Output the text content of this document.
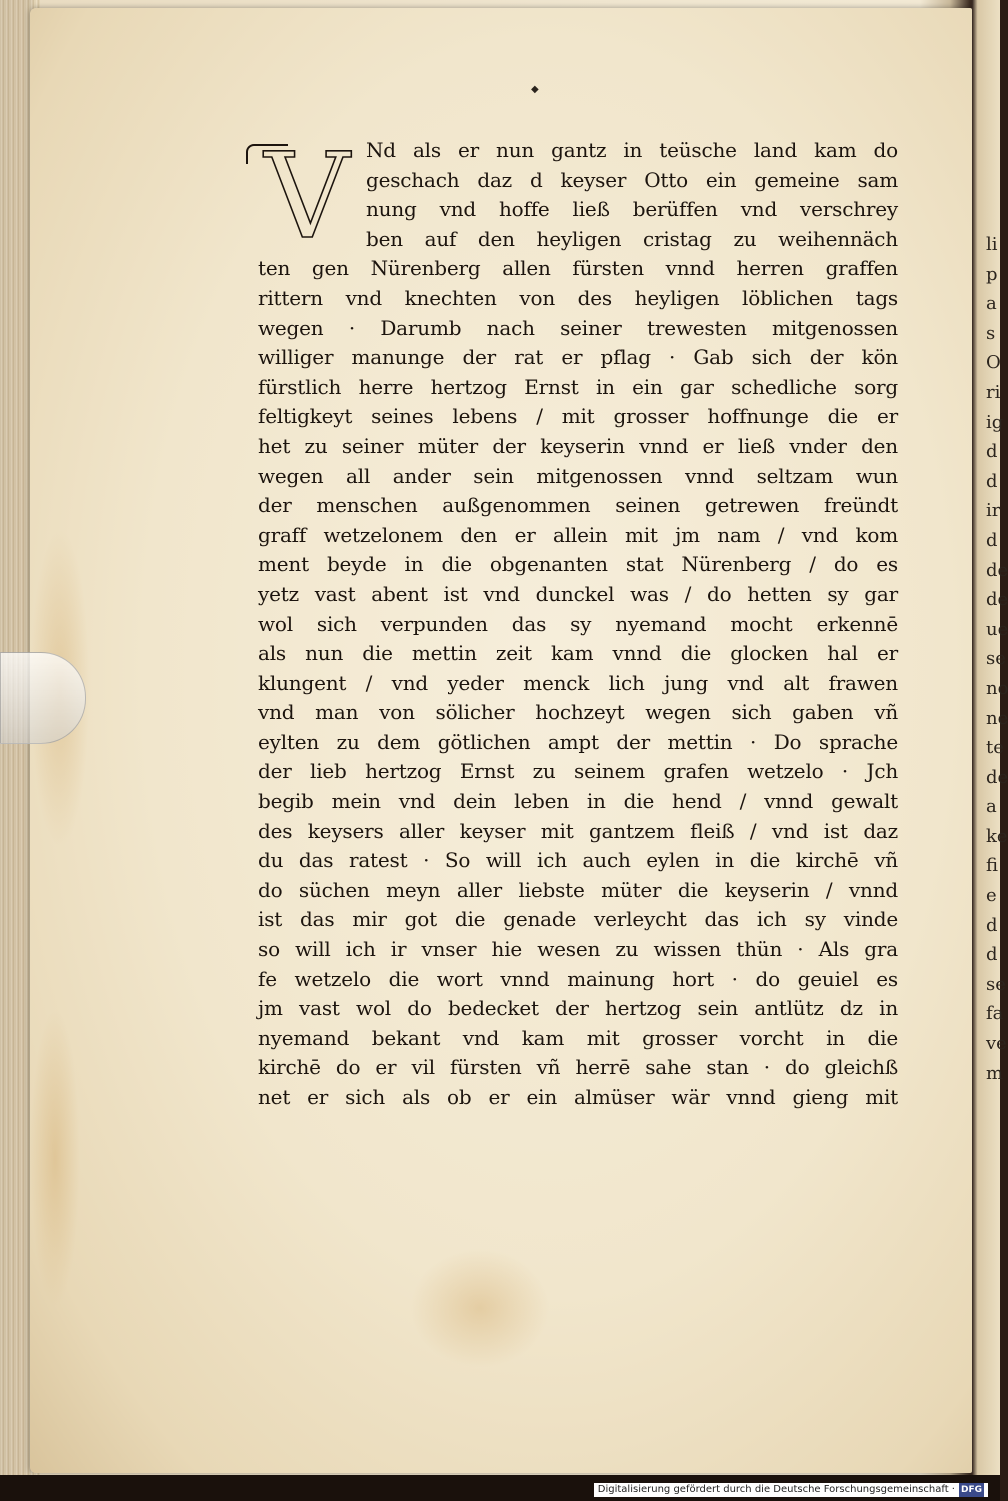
◆
V Nd als er nun gantz in teüsche land kam do
geschach daz d keyser Otto ein gemeine sam
nung vnd hoffe ließ berüffen vnd verschrey
ben auf den heyligen cristag zu weihennäch
ten gen Nürenberg allen fürsten vnnd herren graffen
rittern vnd knechten von des heyligen löblichen tags
wegen · Darumb nach seiner trewesten mitgenossen
williger manunge der rat er pflag · Gab sich der kön
fürstlich herre hertzog Ernst in ein gar schedliche sorg
feltigkeyt seines lebens / mit grosser hoffnunge die er
het zu seiner müter der keyserin vnnd er ließ vnder den
wegen all ander sein mitgenossen vnnd seltzam wun
der menschen außgenommen seinen getrewen freündt
graff wetzelonem den er allein mit jm nam / vnd kom
ment beyde in die obgenanten stat Nürenberg / do es
yetz vast abent ist vnd dunckel was / do hetten sy gar
wol sich verpunden das sy nyemand mocht erkennē
als nun die mettin zeit kam vnnd die glocken hal er
klungent / vnd yeder menck lich jung vnd alt frawen
vnd man von sölicher hochzeyt wegen sich gaben vñ
eylten zu dem götlichen ampt der mettin · Do sprache
der lieb hertzog Ernst zu seinem grafen wetzelo · Jch
begib mein vnd dein leben in die hend / vnnd gewalt
des keysers aller keyser mit gantzem fleiß / vnd ist daz
du das ratest · So will ich auch eylen in die kirchē vñ
do süchen meyn aller liebste müter die keyserin / vnnd
ist das mir got die genade verleycht das ich sy vinde
so will ich ir vnser hie wesen zu wissen thün · Als gra
fe wetzelo die wort vnnd mainung hort · do geuiel es
jm vast wol do bedecket der hertzog sein antlütz dz in
nyemand bekant vnd kam mit grosser vorcht in die
kirchē do er vil fürsten vñ herrē sahe stan · do gleichß
net er sich als ob er ein almüser wär vnnd gieng mit
li
p
a
s
O
ri
ig
d
d
ir
d
de
de
ue
se
no
ne
te
de
a
ke
fi
e
d
d
se
fa
ve
m
Digitalisierung gefördert durch die Deutsche Forschungsgemeinschaft · DFG
